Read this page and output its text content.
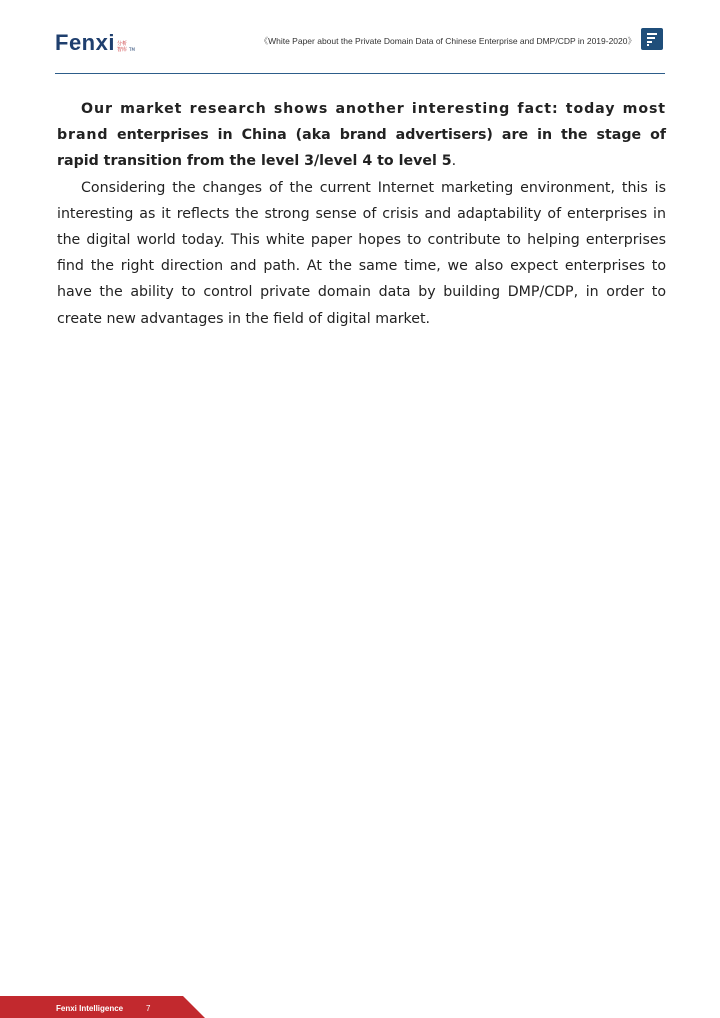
Fenxi 分析
智库 TM
《White Paper about the Private Domain Data of Chinese Enterprise and DMP/CDP in 2019-2020》

Our market research shows another interesting fact: today most brand enterprises in China (aka brand advertisers) are in the stage of rapid transition from the level 3/level 4 to level 5.

Considering the changes of the current Internet marketing environment, this is interesting as it reflects the strong sense of crisis and adaptability of enterprises in the digital world today. This white paper hopes to contribute to helping enterprises find the right direction and path. At the same time, we also expect enterprises to have the ability to control private domain data by building DMP/CDP, in order to create new advantages in the field of digital market.

Fenxi Intelligence	7
